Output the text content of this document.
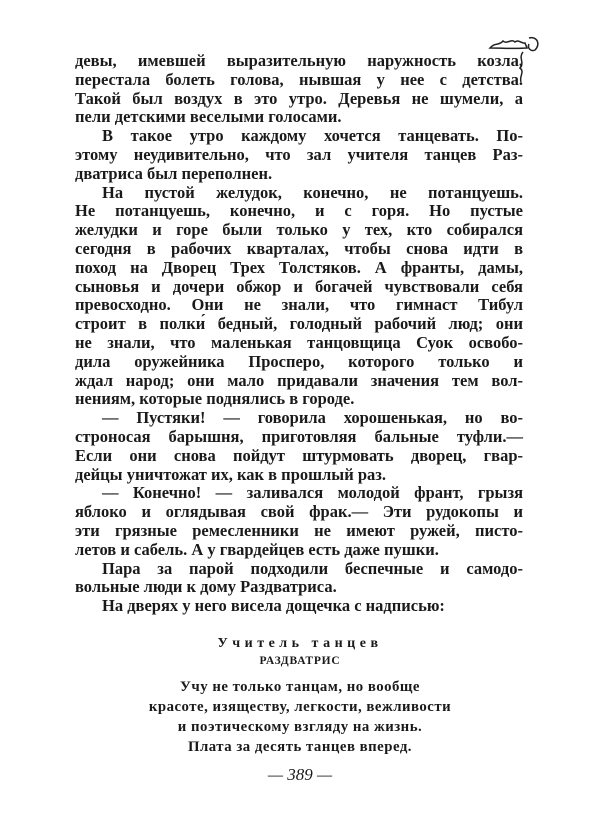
девы, имевшей выразительную наружность козла,
перестала болеть голова, нывшая у нее с детства.
Такой был воздух в это утро. Деревья не шумели, а
пели детскими веселыми голосами.
В такое утро каждому хочется танцевать. По-
этому неудивительно, что зал учителя танцев Раз-
дватриса был переполнен.
На пустой желудок, конечно, не потанцуешь.
Не потанцуешь, конечно, и с горя. Но пустые
желудки и горе были только у тех, кто собирался
сегодня в рабочих кварталах, чтобы снова идти в
поход на Дворец Трех Толстяков. А франты, дамы,
сыновья и дочери обжор и богачей чувствовали себя
превосходно. Они не знали, что гимнаст Тибул
строит в полки́ бедный, голодный рабочий люд; они
не знали, что маленькая танцовщица Суок освобо-
дила оружейника Просперо, которого только и
ждал народ; они мало придавали значения тем вол-
нениям, которые поднялись в городе.
— Пустяки! — говорила хорошенькая, но во-
строносая барышня, приготовляя бальные туфли.—
Если они снова пойдут штурмовать дворец, гвар-
дейцы уничтожат их, как в прошлый раз.
— Конечно! — заливался молодой франт, грызя
яблоко и оглядывая свой фрак.— Эти рудокопы и
эти грязные ремесленники не имеют ружей, писто-
летов и сабель. А у гвардейцев есть даже пушки.
Пара за парой подходили беспечные и самодо-
вольные люди к дому Раздватриса.
На дверях у него висела дощечка с надписью:
Учитель танцев
РАЗДВАТРИС
Учу не только танцам, но вообще
красоте, изяществу, легкости, вежливости
и поэтическому взгляду на жизнь.
Плата за десять танцев вперед.
— 389 —
